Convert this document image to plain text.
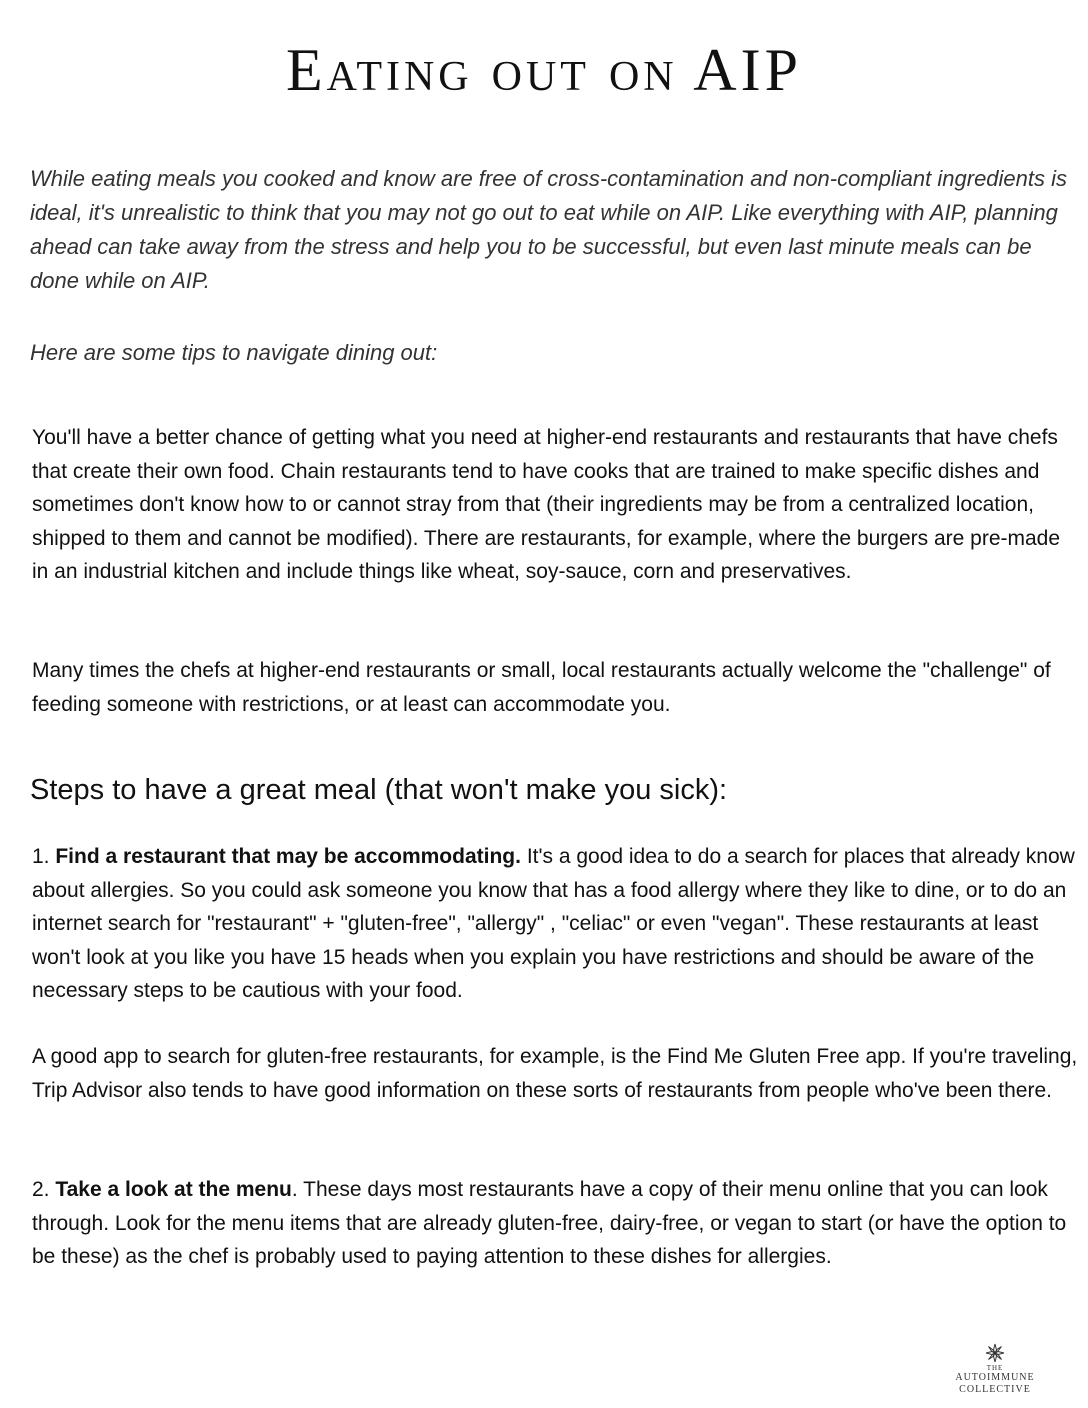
Eating out on AIP

While eating meals you cooked and know are free of cross-contamination and non-compliant ingredients is ideal, it's unrealistic to think that you may not go out to eat while on AIP. Like everything with AIP, planning ahead can take away from the stress and help you to be successful, but even last minute meals can be done while on AIP.

Here are some tips to navigate dining out:

You'll have a better chance of getting what you need at higher-end restaurants and restaurants that have chefs that create their own food. Chain restaurants tend to have cooks that are trained to make specific dishes and sometimes don't know how to or cannot stray from that (their ingredients may be from a centralized location, shipped to them and cannot be modified). There are restaurants, for example, where the burgers are pre-made in an industrial kitchen and include things like wheat, soy-sauce, corn and preservatives.

Many times the chefs at higher-end restaurants or small, local restaurants actually welcome the "challenge" of feeding someone with restrictions, or at least can accommodate you.

Steps to have a great meal (that won't make you sick):

1. Find a restaurant that may be accommodating. It's a good idea to do a search for places that already know about allergies. So you could ask someone you know that has a food allergy where they like to dine, or to do an internet search for "restaurant" + "gluten-free", "allergy" , "celiac" or even "vegan". These restaurants at least won't look at you like you have 15 heads when you explain you have restrictions and should be aware of the necessary steps to be cautious with your food.

A good app to search for gluten-free restaurants, for example, is the Find Me Gluten Free app. If you're traveling, Trip Advisor also tends to have good information on these sorts of restaurants from people who've been there.

2. Take a look at the menu. These days most restaurants have a copy of their menu online that you can look through. Look for the menu items that are already gluten-free, dairy-free, or vegan to start (or have the option to be these) as the chef is probably used to paying attention to these dishes for allergies.

THE
AUTOIMMUNE COLLECTIVE
